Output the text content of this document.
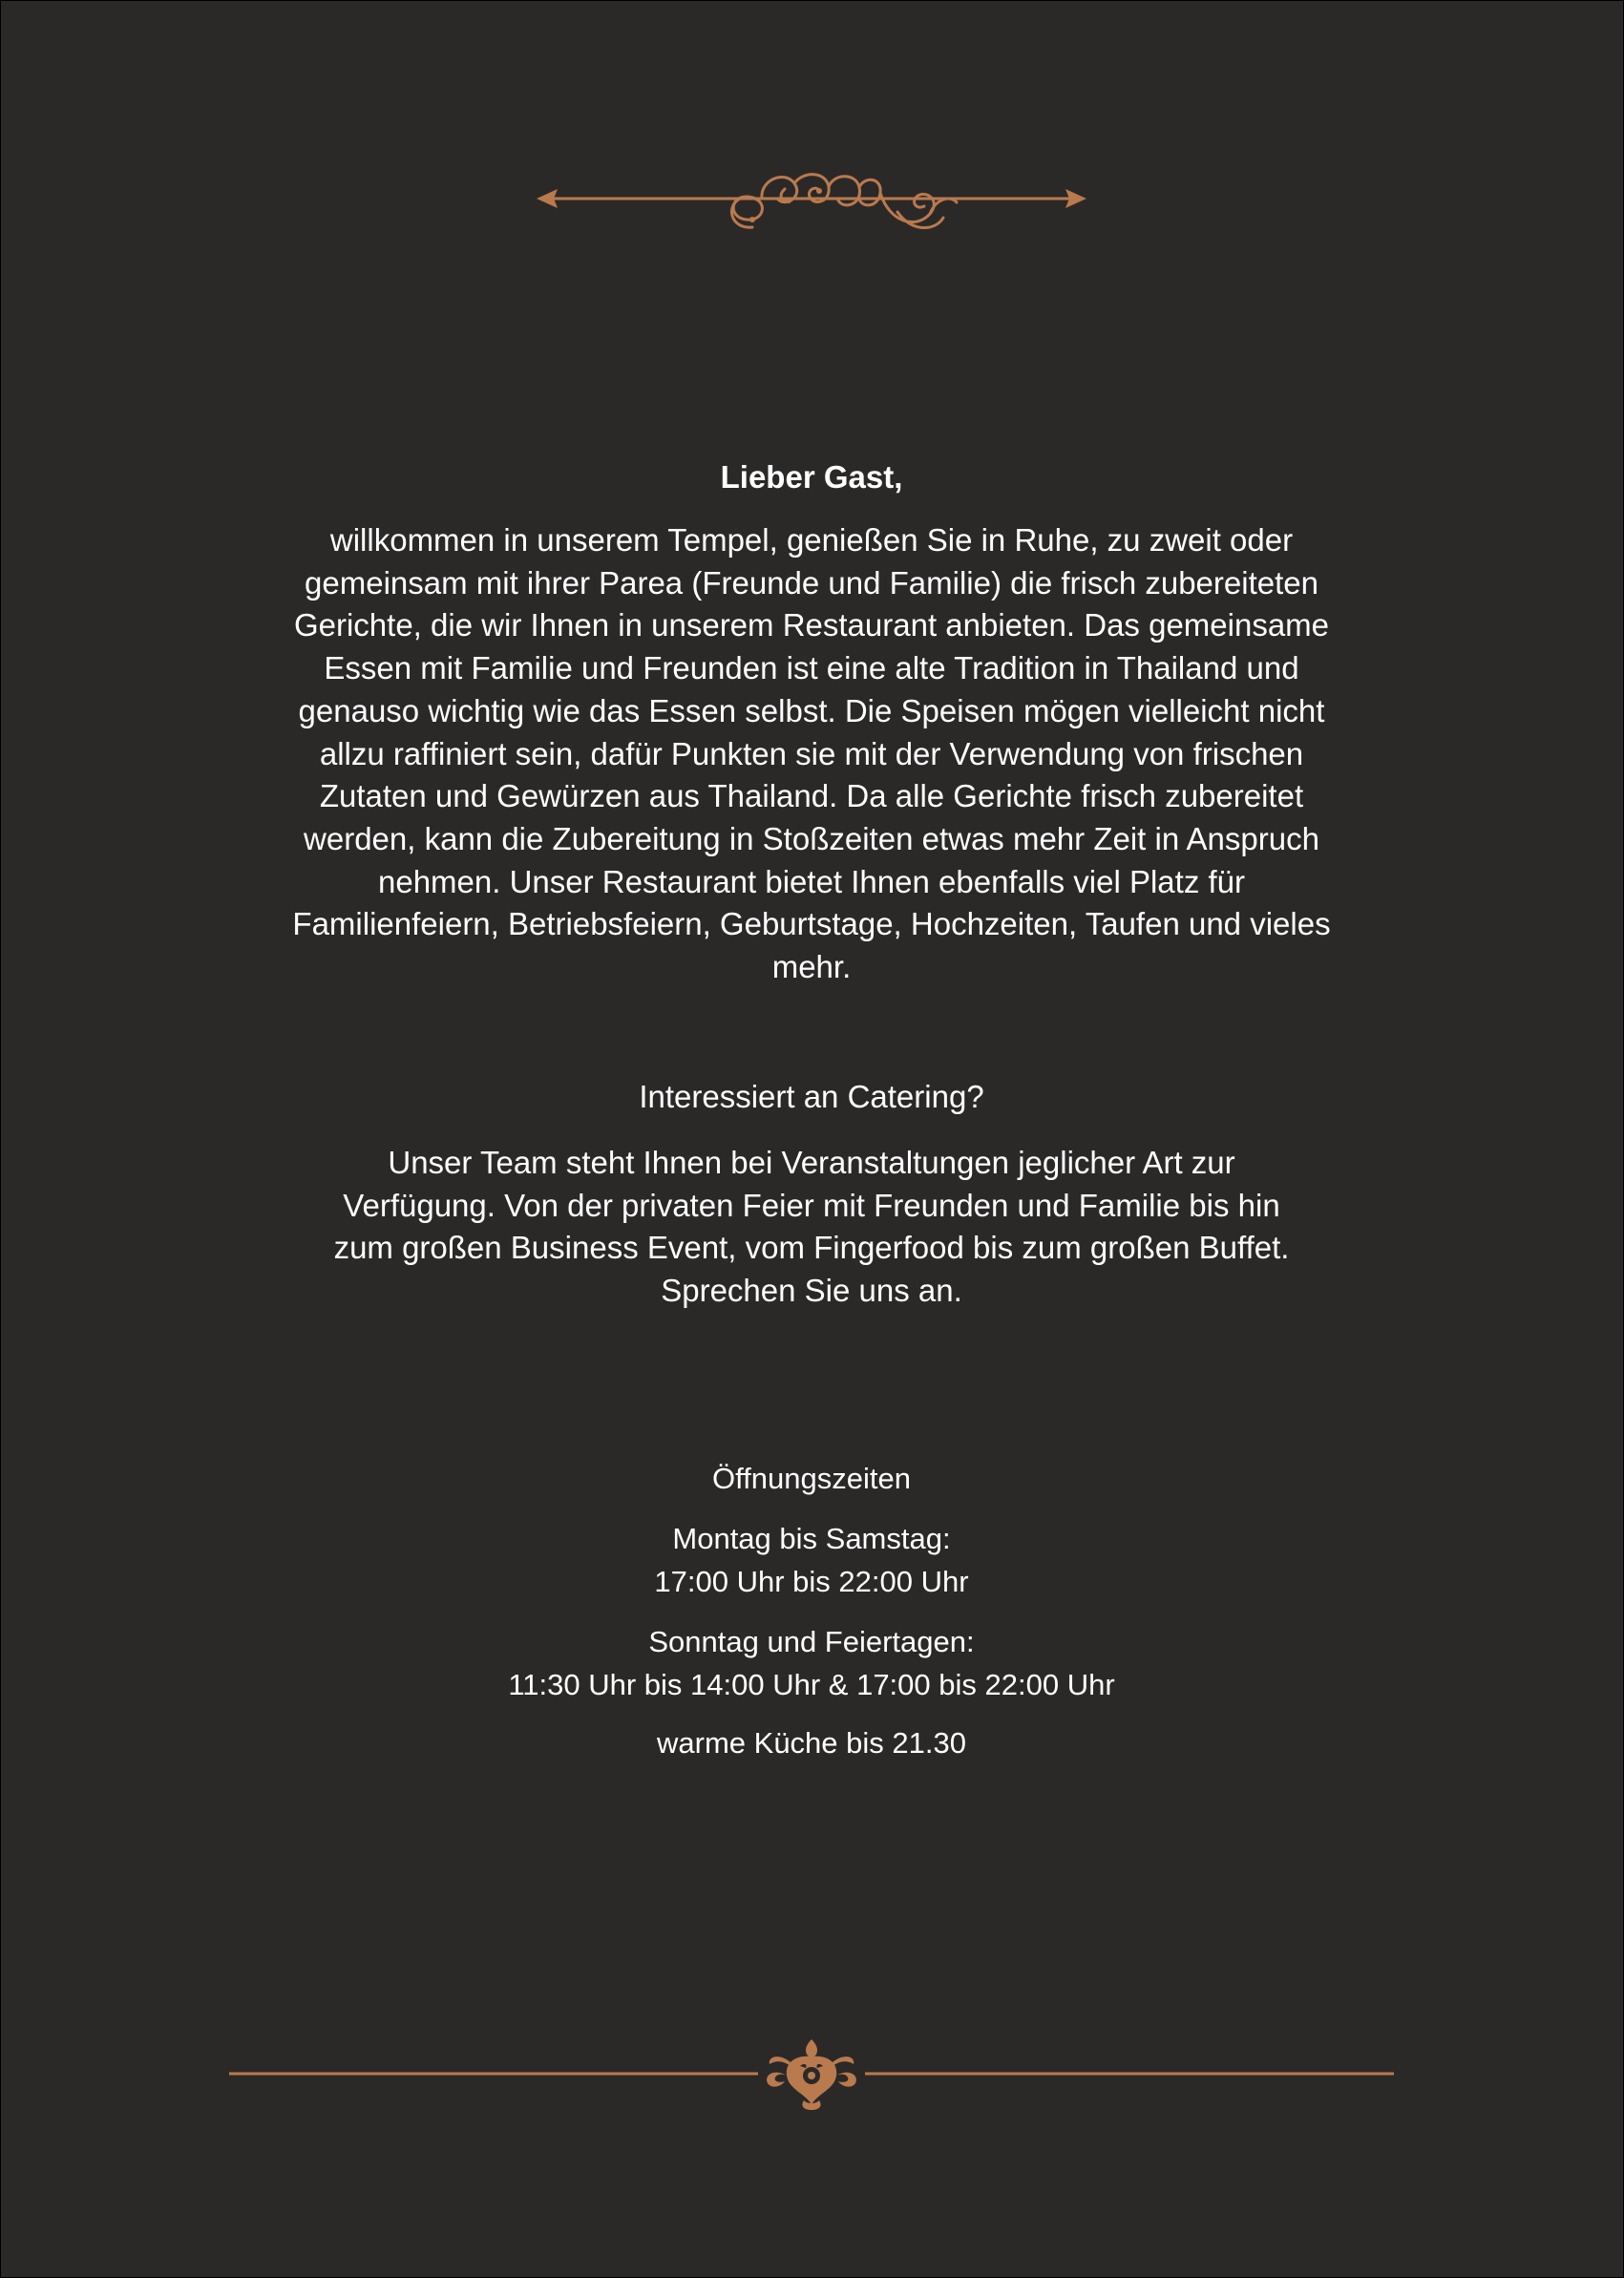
Lieber Gast,

willkommen in unserem Tempel, genießen Sie in Ruhe, zu zweit oder gemeinsam mit ihrer Parea (Freunde und Familie) die frisch zubereiteten Gerichte, die wir Ihnen in unserem Restaurant anbieten. Das gemeinsame Essen mit Familie und Freunden ist eine alte Tradition in Thailand und genauso wichtig wie das Essen selbst. Die Speisen mögen vielleicht nicht allzu raffiniert sein, dafür Punkten sie mit der Verwendung von frischen Zutaten und Gewürzen aus Thailand. Da alle Gerichte frisch zubereitet werden, kann die Zubereitung in Stoßzeiten etwas mehr Zeit in Anspruch nehmen. Unser Restaurant bietet Ihnen ebenfalls viel Platz für Familienfeiern, Betriebsfeiern, Geburtstage, Hochzeiten, Taufen und vieles mehr.

Interessiert an Catering?

Unser Team steht Ihnen bei Veranstaltungen jeglicher Art zur Verfügung. Von der privaten Feier mit Freunden und Familie bis hin zum großen Business Event, vom Fingerfood bis zum großen Buffet. Sprechen Sie uns an.

Öffnungszeiten

Montag bis Samstag:

17:00 Uhr bis 22:00 Uhr

Sonntag und Feiertagen:

11:30 Uhr bis 14:00 Uhr & 17:00 bis 22:00 Uhr

warme Küche bis 21.30
